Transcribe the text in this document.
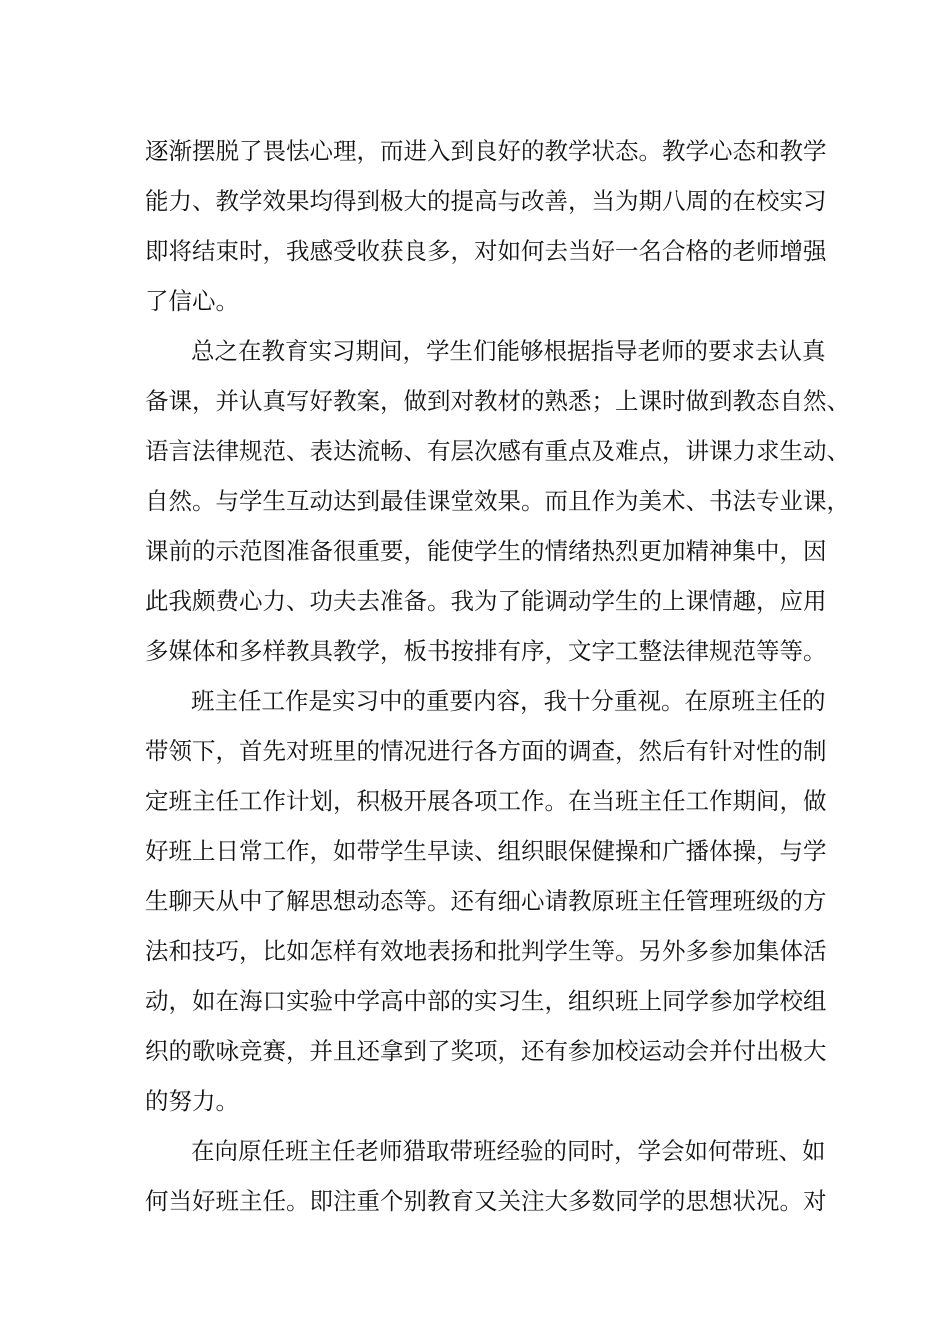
逐渐摆脱了畏怯心理，而进入到良好的教学状态。教学心态和教学

能力、教学效果均得到极大的提高与改善，当为期八周的在校实习

即将结束时，我感受收获良多，对如何去当好一名合格的老师增强

了信心。

总之在教育实习期间，学生们能够根据指导老师的要求去认真

备课，并认真写好教案，做到对教材的熟悉；上课时做到教态自然、

语言法律规范、表达流畅、有层次感有重点及难点，讲课力求生动、

自然。与学生互动达到最佳课堂效果。而且作为美术、书法专业课，

课前的示范图准备很重要，能使学生的情绪热烈更加精神集中，因

此我颇费心力、功夫去准备。我为了能调动学生的上课情趣，应用

多媒体和多样教具教学，板书按排有序，文字工整法律规范等等。

班主任工作是实习中的重要内容，我十分重视。在原班主任的

带领下，首先对班里的情况进行各方面的调查，然后有针对性的制

定班主任工作计划，积极开展各项工作。在当班主任工作期间，做

好班上日常工作，如带学生早读、组织眼保健操和广播体操，与学

生聊天从中了解思想动态等。还有细心请教原班主任管理班级的方

法和技巧，比如怎样有效地表扬和批判学生等。另外多参加集体活

动，如在海口实验中学高中部的实习生，组织班上同学参加学校组

织的歌咏竞赛，并且还拿到了奖项，还有参加校运动会并付出极大

的努力。

在向原任班主任老师猎取带班经验的同时，学会如何带班、如

何当好班主任。即注重个别教育又关注大多数同学的思想状况。对
